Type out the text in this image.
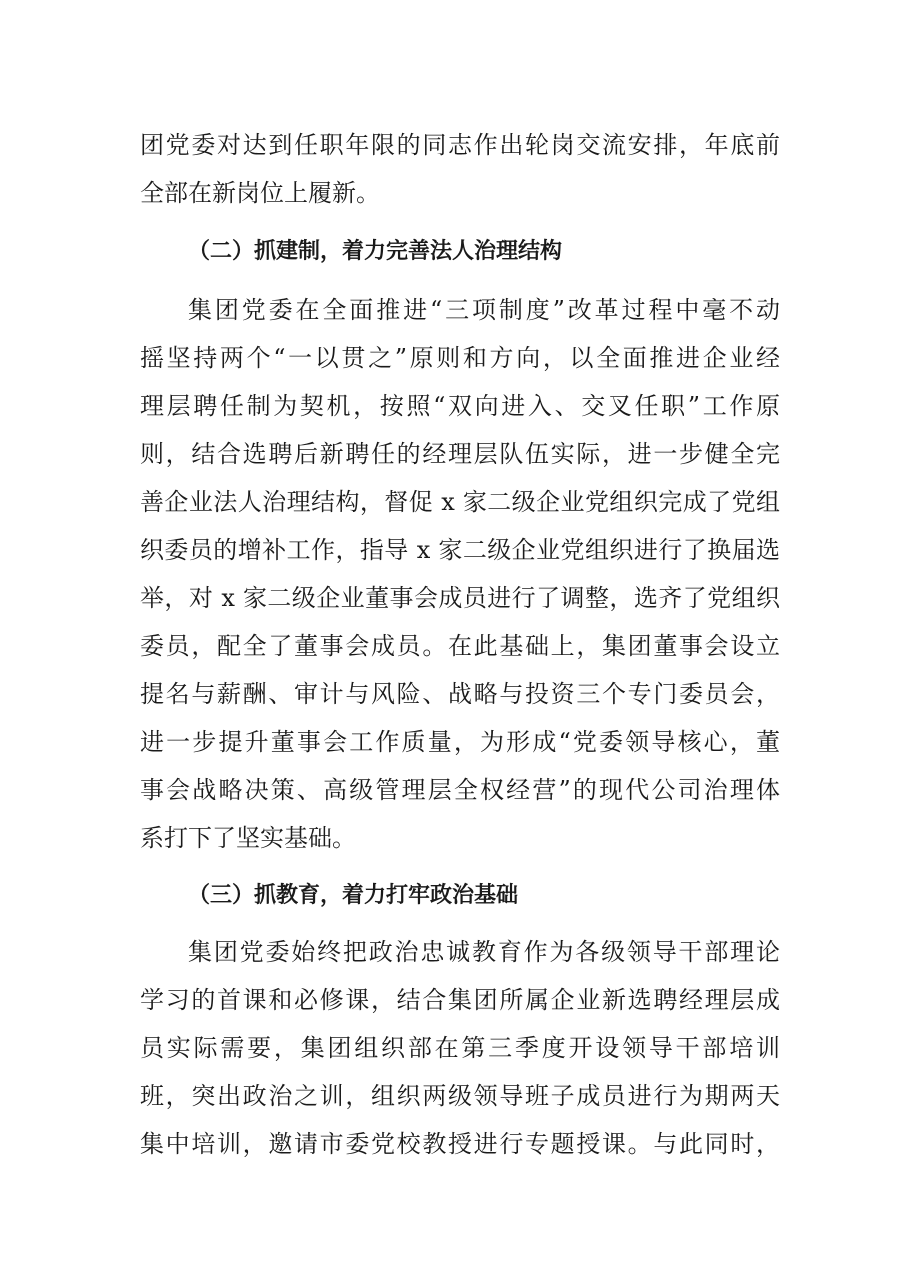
团党委对达到任职年限的同志作出轮岗交流安排，年底前
全部在新岗位上履新。
（二）抓建制，着力完善法人治理结构
集团党委在全面推进“三项制度”改革过程中毫不动
摇坚持两个“一以贯之”原则和方向，以全面推进企业经
理层聘任制为契机，按照“双向进入、交叉任职”工作原
则，结合选聘后新聘任的经理层队伍实际，进一步健全完
善企业法人治理结构，督促 x 家二级企业党组织完成了党组
织委员的增补工作，指导 x 家二级企业党组织进行了换届选
举，对 x 家二级企业董事会成员进行了调整，选齐了党组织
委员，配全了董事会成员。在此基础上，集团董事会设立
提名与薪酬、审计与风险、战略与投资三个专门委员会，
进一步提升董事会工作质量，为形成“党委领导核心，董
事会战略决策、高级管理层全权经营”的现代公司治理体
系打下了坚实基础。
（三）抓教育，着力打牢政治基础
集团党委始终把政治忠诚教育作为各级领导干部理论
学习的首课和必修课，结合集团所属企业新选聘经理层成
员实际需要，集团组织部在第三季度开设领导干部培训
班，突出政治之训，组织两级领导班子成员进行为期两天
集中培训，邀请市委党校教授进行专题授课。与此同时，
